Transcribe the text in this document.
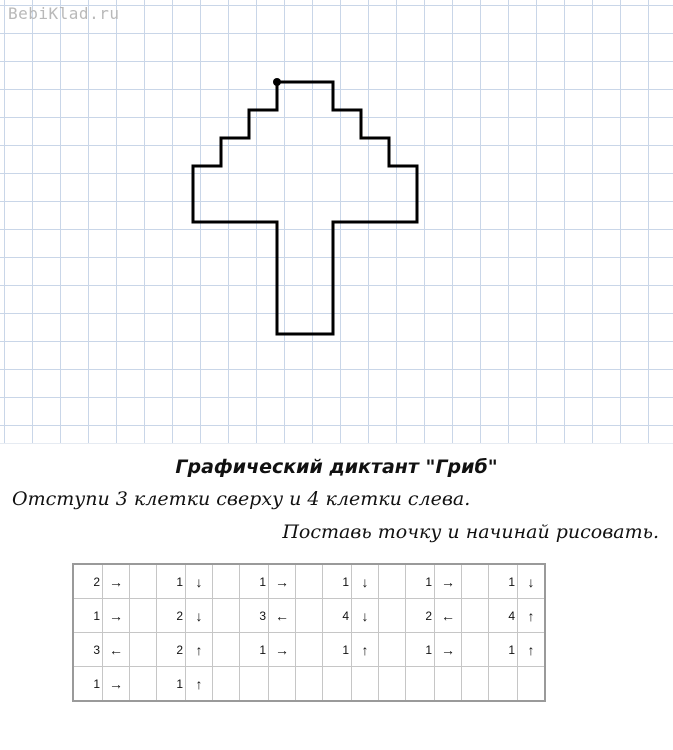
BebiKlad.ru
Графический диктант "Гриб"
Отступи 3 клетки сверху и 4 клетки слева.
Поставь точку и начинай рисовать.
2	→		1	↓		1	→		1	↓		1	→		1	↓
1	→		2	↓		3	←		4	↓		2	←		4	↑
3	←		2	↑		1	→		1	↑		1	→		1	↑
1	→		1	↑												
